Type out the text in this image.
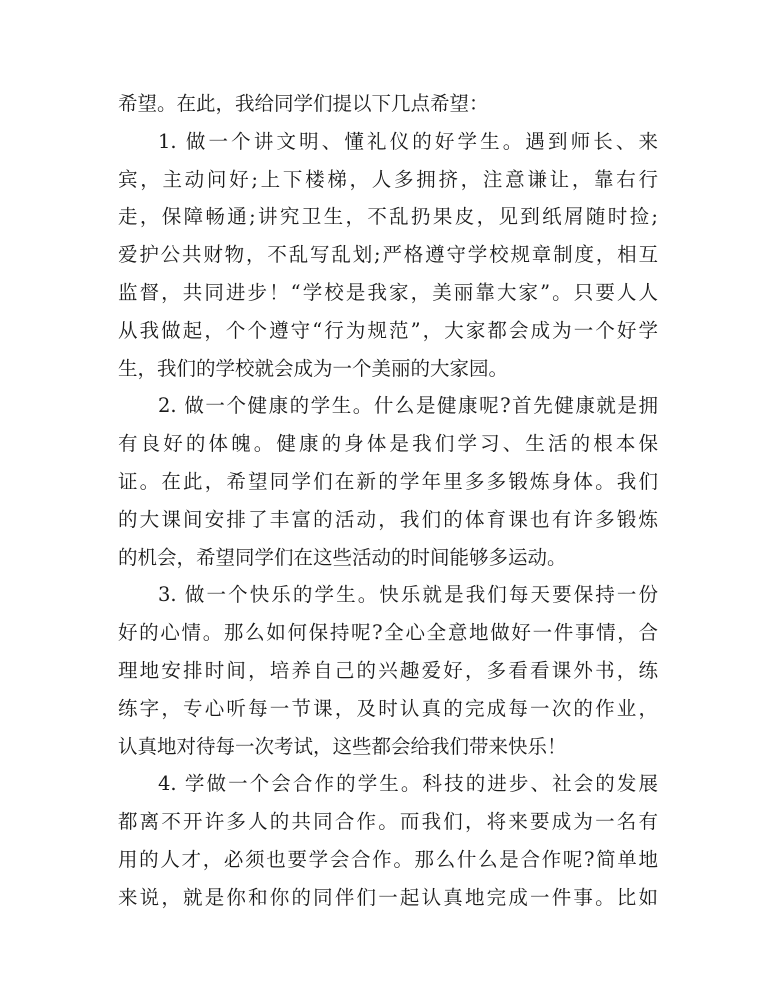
希望。在此，我给同学们提以下几点希望：
1. 做一个讲文明、懂礼仪的好学生。遇到师长、来
宾，主动问好;上下楼梯，人多拥挤，注意谦让，靠右行
走，保障畅通;讲究卫生，不乱扔果皮，见到纸屑随时捡;
爱护公共财物，不乱写乱划;严格遵守学校规章制度，相互
监督，共同进步！“学校是我家，美丽靠大家”。只要人人
从我做起，个个遵守“行为规范”，大家都会成为一个好学
生，我们的学校就会成为一个美丽的大家园。
2. 做一个健康的学生。什么是健康呢?首先健康就是拥
有良好的体魄。健康的身体是我们学习、生活的根本保
证。在此，希望同学们在新的学年里多多锻炼身体。我们
的大课间安排了丰富的活动，我们的体育课也有许多锻炼
的机会，希望同学们在这些活动的时间能够多运动。
3. 做一个快乐的学生。快乐就是我们每天要保持一份
好的心情。那么如何保持呢?全心全意地做好一件事情，合
理地安排时间，培养自己的兴趣爱好，多看看课外书，练
练字，专心听每一节课，及时认真的完成每一次的作业，
认真地对待每一次考试，这些都会给我们带来快乐！
4. 学做一个会合作的学生。科技的进步、社会的发展
都离不开许多人的共同合作。而我们，将来要成为一名有
用的人才，必须也要学会合作。那么什么是合作呢?简单地
来说，就是你和你的同伴们一起认真地完成一件事。比如
